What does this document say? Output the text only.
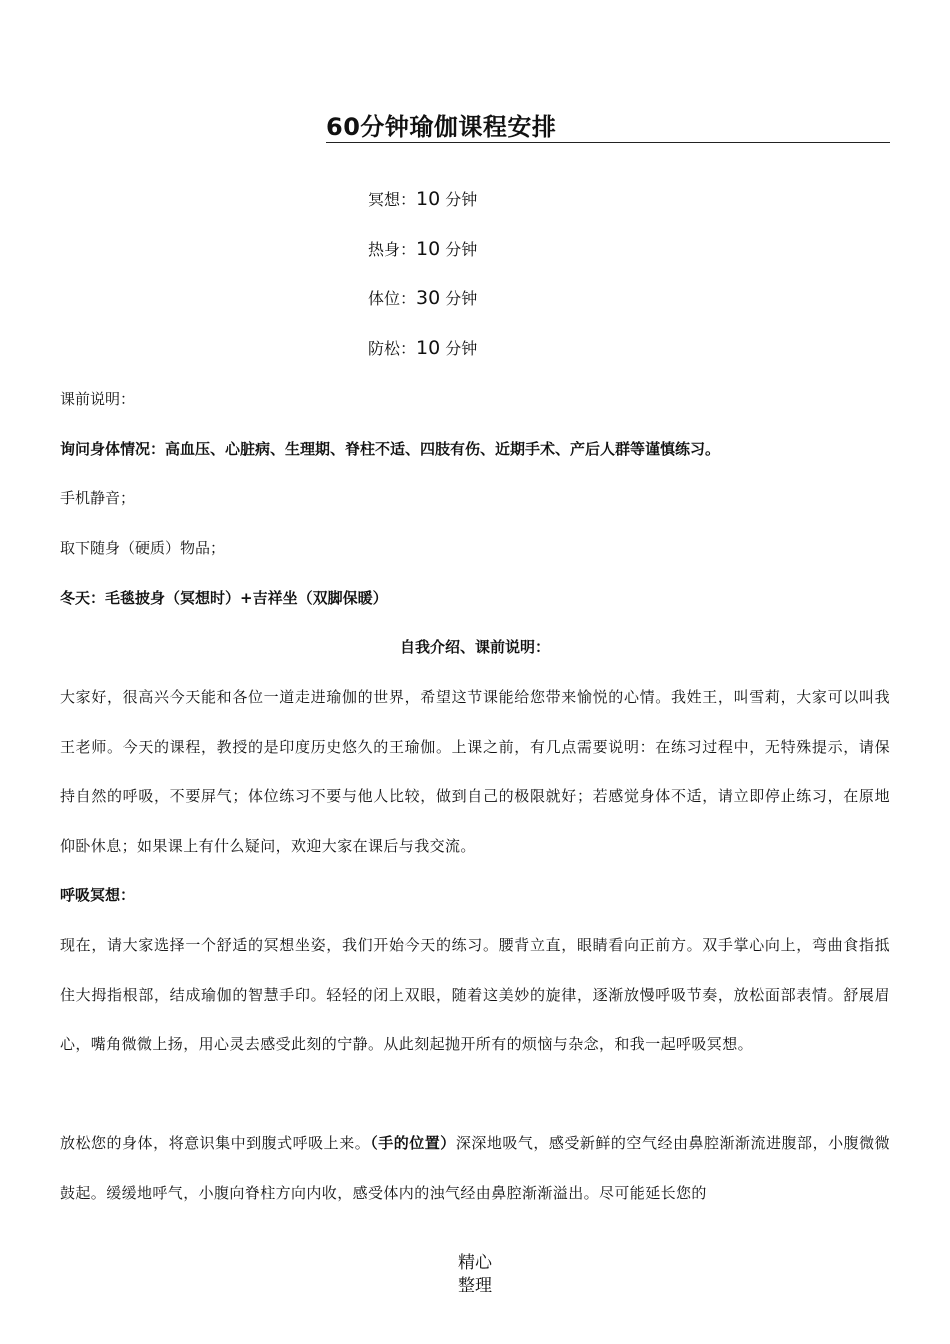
60分钟瑜伽课程安排
冥想：10 分钟
热身：10 分钟
体位：30 分钟
防松：10 分钟
课前说明：
询问身体情况：高血压、心脏病、生理期、脊柱不适、四肢有伤、近期手术、产后人群等谨慎练习。
手机静音；
取下随身（硬质）物品；
冬天：毛毯披身（冥想时）+吉祥坐（双脚保暖）
自我介绍、课前说明：

大家好，很高兴今天能和各位一道走进瑜伽的世界，希望这节课能给您带来愉悦的心情。我姓王，叫雪莉，大家可以叫我王老师。今天的课程，教授的是印度历史悠久的王瑜伽。上课之前，有几点需要说明：在练习过程中，无特殊提示，请保持自然的呼吸，不要屏气；体位练习不要与他人比较，做到自己的极限就好；若感觉身体不适，请立即停止练习，在原地仰卧休息；如果课上有什么疑问，欢迎大家在课后与我交流。

呼吸冥想：

现在，请大家选择一个舒适的冥想坐姿，我们开始今天的练习。腰背立直，眼睛看向正前方。双手掌心向上，弯曲食指抵住大拇指根部，结成瑜伽的智慧手印。轻轻的闭上双眼，随着这美妙的旋律，逐渐放慢呼吸节奏，放松面部表情。舒展眉心，嘴角微微上扬，用心灵去感受此刻的宁静。从此刻起抛开所有的烦恼与杂念，和我一起呼吸冥想。

放松您的身体，将意识集中到腹式呼吸上来。（手的位置）深深地吸气，感受新鲜的空气经由鼻腔渐渐流进腹部，小腹微微鼓起。缓缓地呼气，小腹向脊柱方向内收，感受体内的浊气经由鼻腔渐渐溢出。尽可能延长您的

精心
整理
